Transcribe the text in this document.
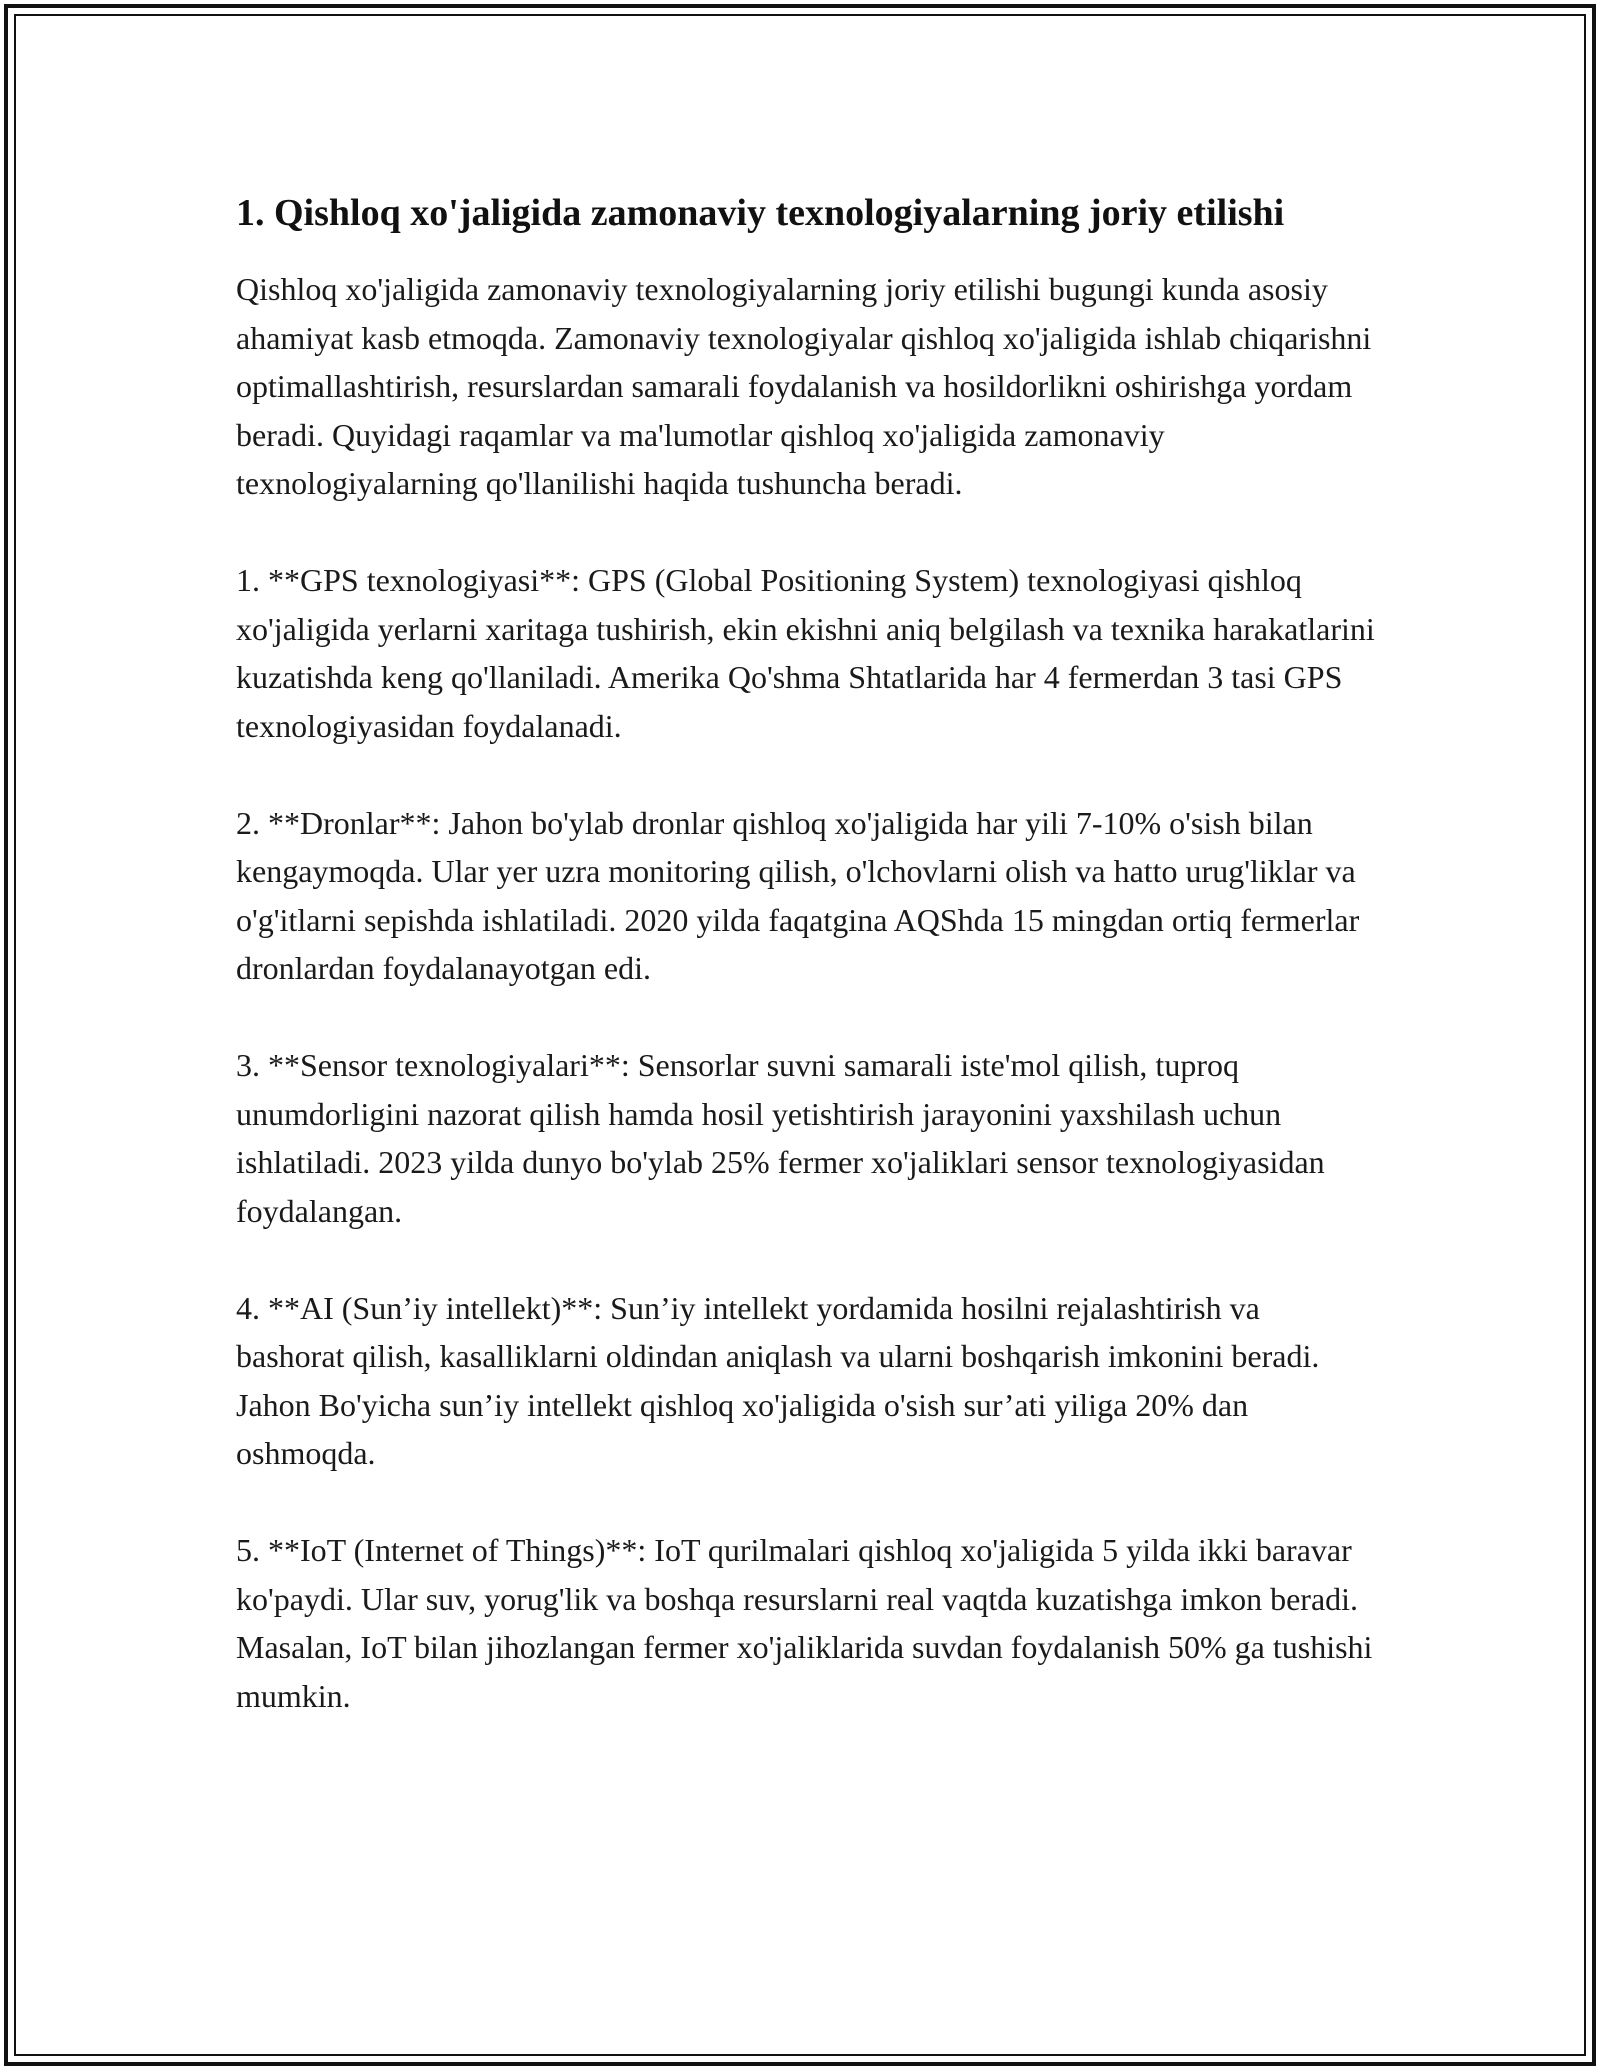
1. Qishloq xo'jaligida zamonaviy texnologiyalarning joriy etilishi

Qishloq xo'jaligida zamonaviy texnologiyalarning joriy etilishi bugungi kunda asosiy ahamiyat kasb etmoqda. Zamonaviy texnologiyalar qishloq xo'jaligida ishlab chiqarishni optimallashtirish, resurslardan samarali foydalanish va hosildorlikni oshirishga yordam beradi. Quyidagi raqamlar va ma'lumotlar qishloq xo'jaligida zamonaviy texnologiyalarning qo'llanilishi haqida tushuncha beradi.

1. **GPS texnologiyasi**: GPS (Global Positioning System) texnologiyasi qishloq xo'jaligida yerlarni xaritaga tushirish, ekin ekishni aniq belgilash va texnika harakatlarini kuzatishda keng qo'llaniladi. Amerika Qo'shma Shtatlarida har 4 fermerdan 3 tasi GPS texnologiyasidan foydalanadi.

2. **Dronlar**: Jahon bo'ylab dronlar qishloq xo'jaligida har yili 7-10% o'sish bilan kengaymoqda. Ular yer uzra monitoring qilish, o'lchovlarni olish va hatto urug'liklar va o'g'itlarni sepishda ishlatiladi. 2020 yilda faqatgina AQShda 15 mingdan ortiq fermerlar dronlardan foydalanayotgan edi.

3. **Sensor texnologiyalari**: Sensorlar suvni samarali iste'mol qilish, tuproq unumdorligini nazorat qilish hamda hosil yetishtirish jarayonini yaxshilash uchun ishlatiladi. 2023 yilda dunyo bo'ylab 25% fermer xo'jaliklari sensor texnologiyasidan foydalangan.

4. **AI (Sun’iy intellekt)**: Sun’iy intellekt yordamida hosilni rejalashtirish va bashorat qilish, kasalliklarni oldindan aniqlash va ularni boshqarish imkonini beradi. Jahon Bo'yicha sun’iy intellekt qishloq xo'jaligida o'sish sur’ati yiliga 20% dan oshmoqda.

5. **IoT (Internet of Things)**: IoT qurilmalari qishloq xo'jaligida 5 yilda ikki baravar ko'paydi. Ular suv, yorug'lik va boshqa resurslarni real vaqtda kuzatishga imkon beradi. Masalan, IoT bilan jihozlangan fermer xo'jaliklarida suvdan foydalanish 50% ga tushishi mumkin.
